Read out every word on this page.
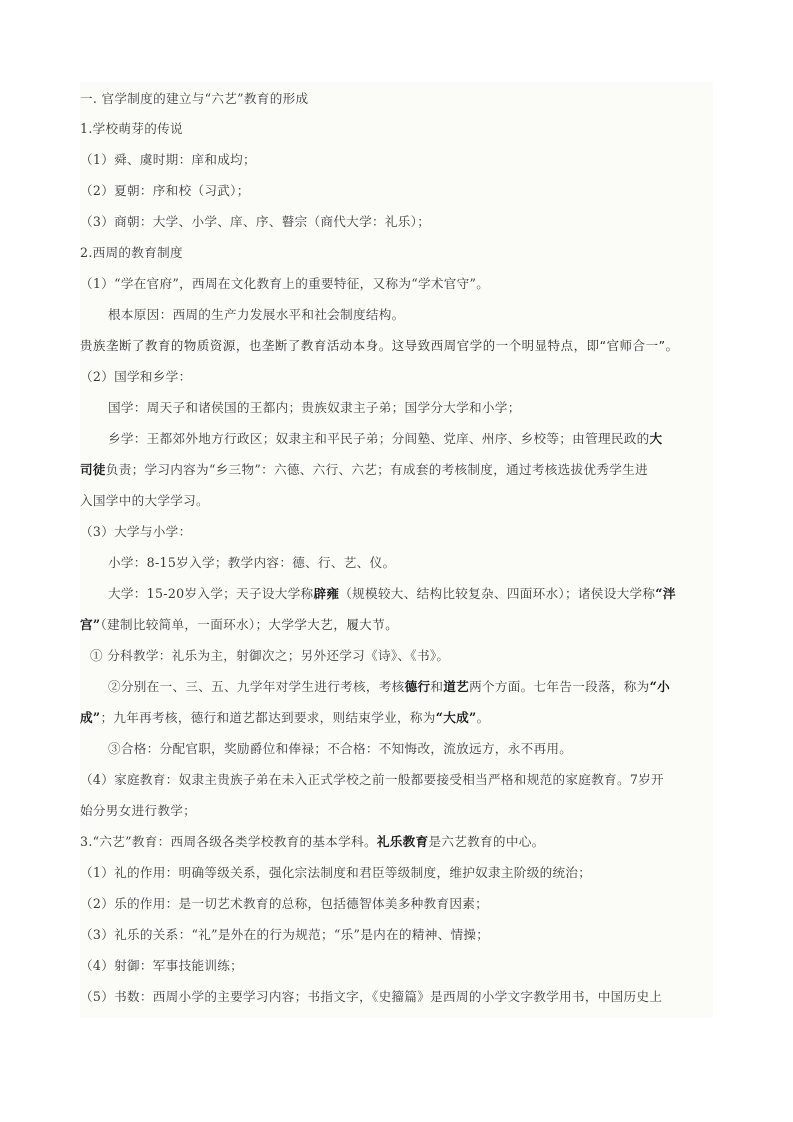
一. 官学制度的建立与“六艺”教育的形成
1.学校萌芽的传说
（1）舜、虞时期：庠和成均；
（2）夏朝：序和校（习武）；
（3）商朝：大学、小学、庠、序、瞽宗（商代大学：礼乐）；
2.西周的教育制度
（1）“学在官府”，西周在文化教育上的重要特征，又称为“学术官守”。
根本原因：西周的生产力发展水平和社会制度结构。
贵族垄断了教育的物质资源，也垄断了教育活动本身。这导致西周官学的一个明显特点，即“官师合一”。
（2）国学和乡学：
国学：周天子和诸侯国的王都内；贵族奴隶主子弟；国学分大学和小学；
乡学：王都郊外地方行政区；奴隶主和平民子弟；分闾塾、党庠、州序、乡校等；由管理民政的大
司徒负责；学习内容为“乡三物”：六德、六行、六艺；有成套的考核制度，通过考核选拔优秀学生进
入国学中的大学学习。
（3）大学与小学：
小学：8-15岁入学；教学内容：德、行、艺、仪。
大学：15-20岁入学；天子设大学称辟雍（规模较大、结构比较复杂、四面环水）；诸侯设大学称“泮
宫”（建制比较简单，一面环水）；大学学大艺，履大节。
① 分科教学：礼乐为主，射御次之；另外还学习《诗》、《书》。
②分别在一、三、五、九学年对学生进行考核，考核德行和道艺两个方面。七年告一段落，称为“小
成”；九年再考核，德行和道艺都达到要求，则结束学业，称为“大成”。
③合格：分配官职，奖励爵位和俸禄；不合格：不知悔改，流放远方，永不再用。
（4）家庭教育：奴隶主贵族子弟在未入正式学校之前一般都要接受相当严格和规范的家庭教育。7岁开
始分男女进行教学；
3.“六艺”教育：西周各级各类学校教育的基本学科。礼乐教育是六艺教育的中心。
（1）礼的作用：明确等级关系，强化宗法制度和君臣等级制度，维护奴隶主阶级的统治；
（2）乐的作用：是一切艺术教育的总称，包括德智体美多种教育因素；
（3）礼乐的关系：“礼”是外在的行为规范；“乐”是内在的精神、情操；
（4）射御：军事技能训练；
（5）书数：西周小学的主要学习内容；书指文字，《史籀篇》是西周的小学文字教学用书，中国历史上
